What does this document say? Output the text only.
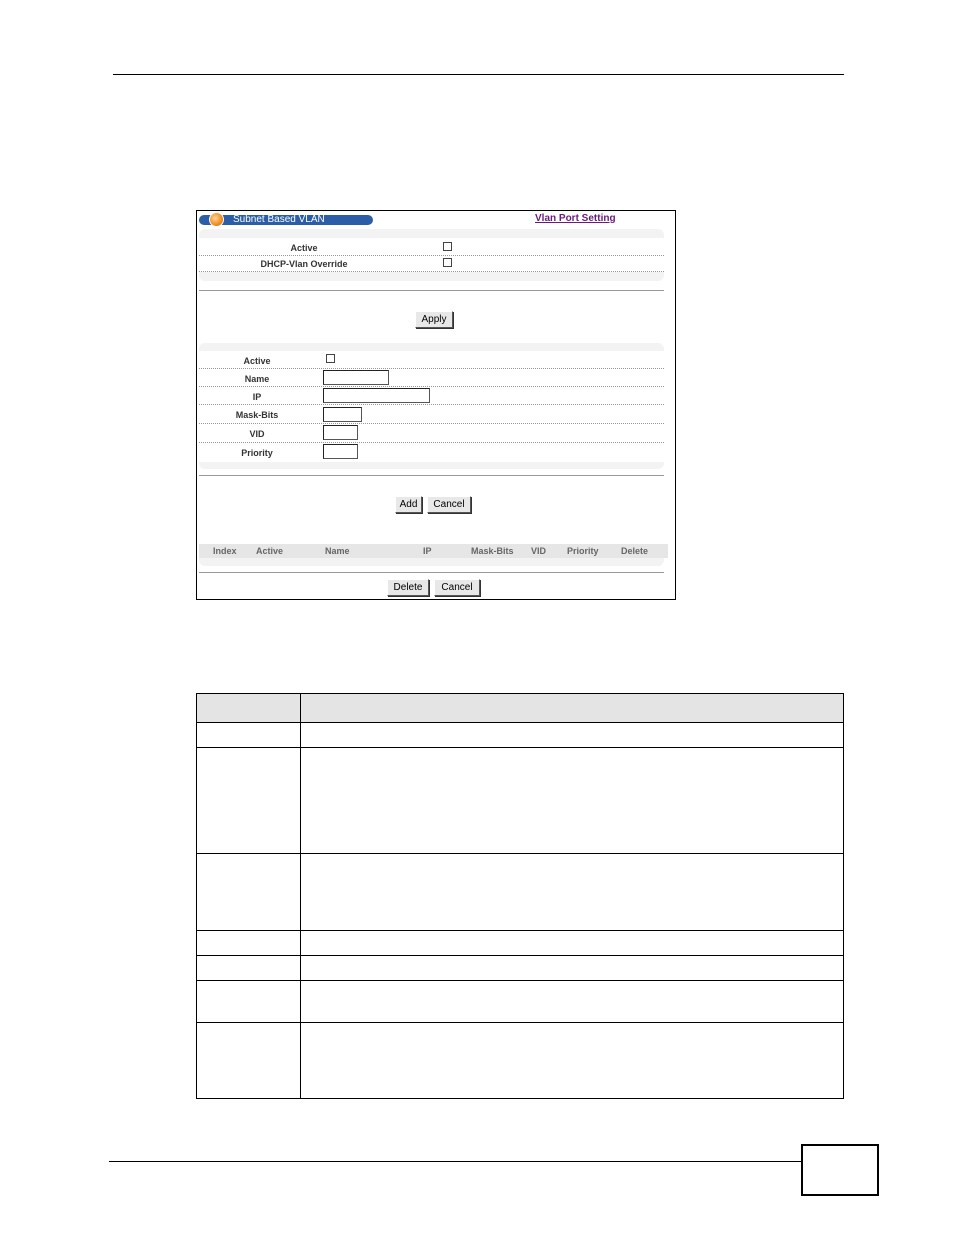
Subnet Based VLAN	Vlan Port Setting
Active
DHCP-Vlan Override
Apply
Active
Name
IP
Mask-Bits
VID
Priority
Add	Cancel
Index Active	Name	IP	Mask-Bits VID Priority Delete
Delete	Cancel
